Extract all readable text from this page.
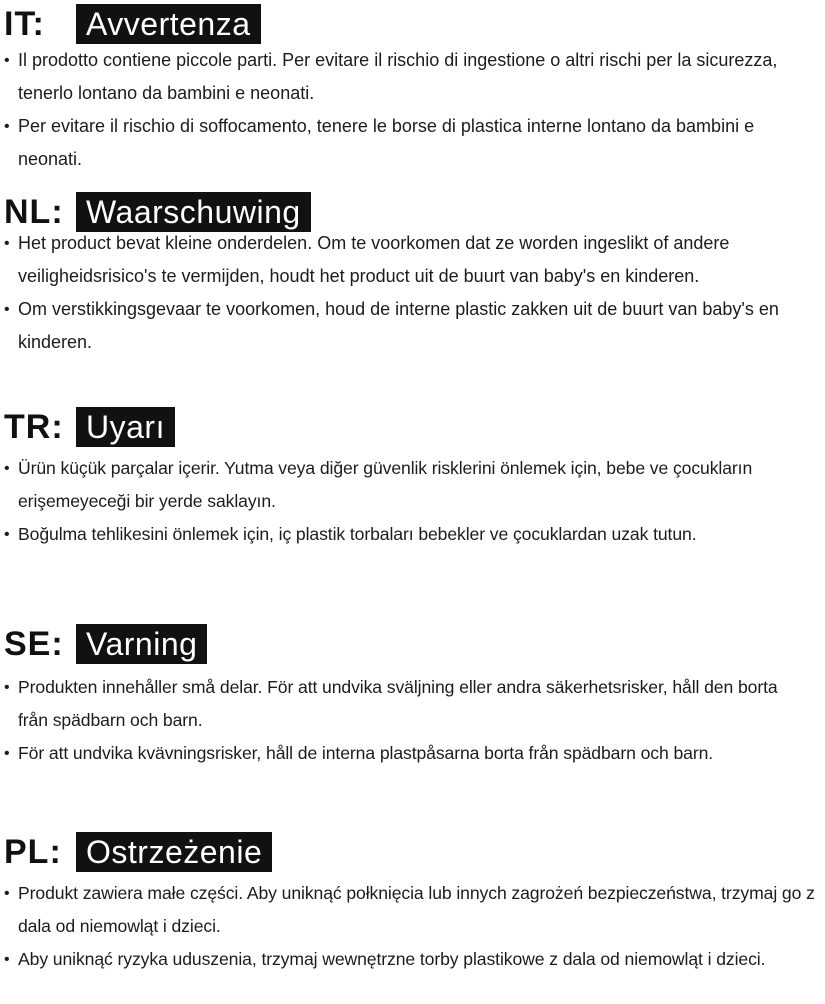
IT:	Avvertenza
• Il prodotto contiene piccole parti. Per evitare il rischio di ingestione o altri rischi per la sicurezza, tenerlo lontano da bambini e neonati.
• Per evitare il rischio di soffocamento, tenere le borse di plastica interne lontano da bambini e neonati.
NL: Waarschuwing
• Het product bevat kleine onderdelen. Om te voorkomen dat ze worden ingeslikt of andere veiligheidsrisico's te vermijden, houdt het product uit de buurt van baby's en kinderen.
• Om verstikkingsgevaar te voorkomen, houd de interne plastic zakken uit de buurt van baby's en kinderen.
TR: Uyarı
• Ürün küçük parçalar içerir. Yutma veya diğer güvenlik risklerini önlemek için, bebe ve çocukların erişemeyeceği bir yerde saklayın.
• Boğulma tehlikesini önlemek için, iç plastik torbaları bebekler ve çocuklardan uzak tutun.
SE: Varning
• Produkten innehåller små delar. För att undvika sväljning eller andra säkerhetsrisker, håll den borta från spädbarn och barn.
• För att undvika kvävningsrisker, håll de interna plastpåsarna borta från spädbarn och barn.
PL: Ostrzeżenie
• Produkt zawiera małe części. Aby uniknąć połknięcia lub innych zagrożeń bezpieczeństwa, trzymaj go z dala od niemowląt i dzieci.
• Aby uniknąć ryzyka uduszenia, trzymaj wewnętrzne torby plastikowe z dala od niemowląt i dzieci.
